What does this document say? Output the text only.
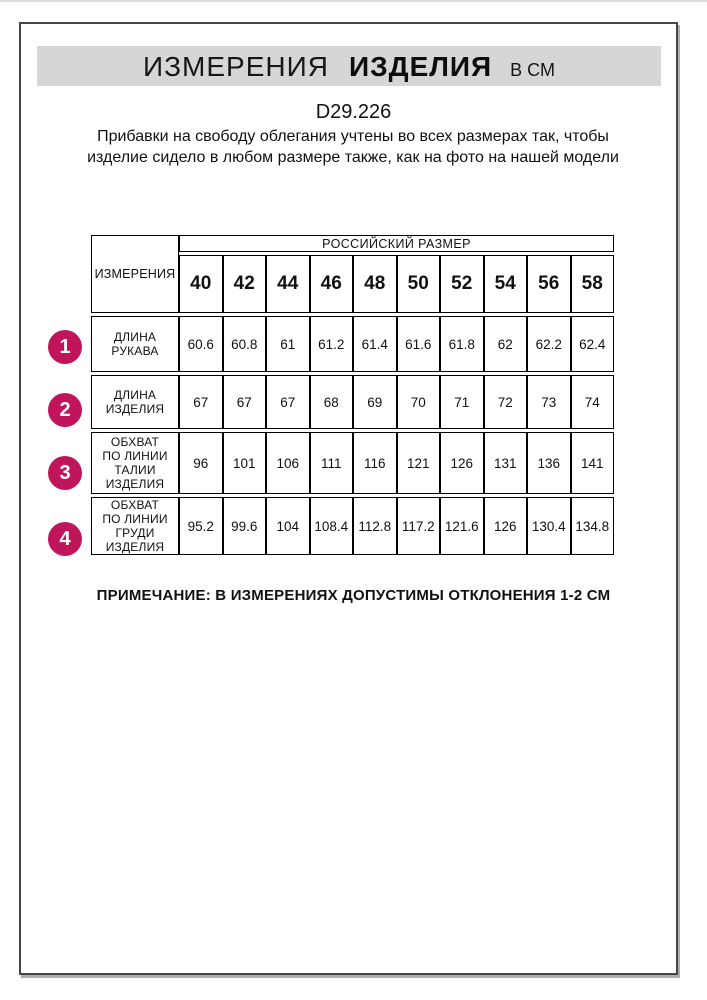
ИЗМЕРЕНИЯ ИЗДЕЛИЯ В СМ
D29.226
Прибавки на свободу облегания учтены во всех размерах так, чтобы изделие сидело в любом размере также, как на фото на нашей модели
ИЗМЕРЕНИЯ	РОССИЙСКИЙ РАЗМЕР									
	40	42	44	46	48	50	52	54	56	58
ДЛИНА РУКАВА	60.6	60.8	61	61.2	61.4	61.6	61.8	62	62.2	62.4
ДЛИНА ИЗДЕЛИЯ	67	67	67	68	69	70	71	72	73	74
ОБХВАТ ПО ЛИНИИ ТАЛИИ ИЗДЕЛИЯ	96	101	106	111	116	121	126	131	136	141
ОБХВАТ ПО ЛИНИИ ГРУДИ ИЗДЕЛИЯ	95.2	99.6	104	108.4	112.8	117.2	121.6	126	130.4	134.8
1
2
3
4
ПРИМЕЧАНИЕ: В ИЗМЕРЕНИЯХ ДОПУСТИМЫ ОТКЛОНЕНИЯ 1-2 СМ
